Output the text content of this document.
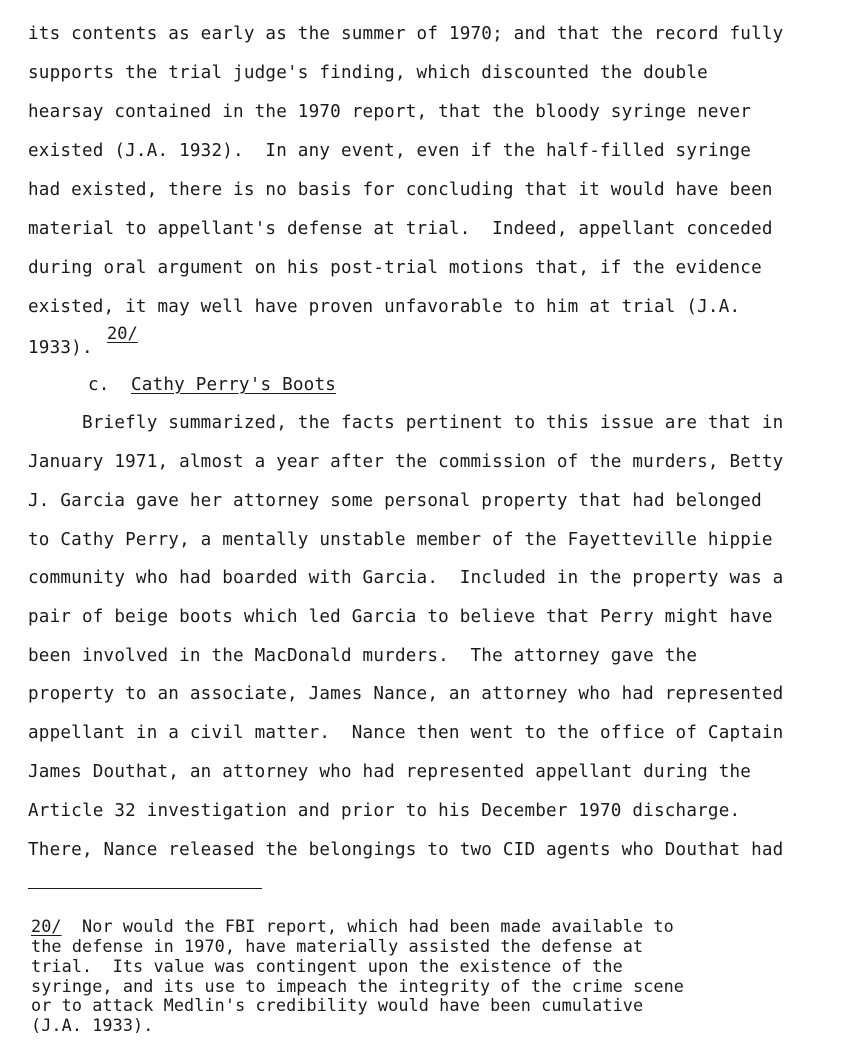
its contents as early as the summer of 1970; and that the record fully
supports the trial judge's finding, which discounted the double
hearsay contained in the 1970 report, that the bloody syringe never
existed (J.A. 1932).  In any event, even if the half-filled syringe
had existed, there is no basis for concluding that it would have been
material to appellant's defense at trial.  Indeed, appellant conceded
during oral argument on his post-trial motions that, if the evidence
existed, it may well have proven unfavorable to him at trial (J.A.
1933).
20/
c. Cathy Perry's Boots
Briefly summarized, the facts pertinent to this issue are that in
January 1971, almost a year after the commission of the murders, Betty
J. Garcia gave her attorney some personal property that had belonged
to Cathy Perry, a mentally unstable member of the Fayetteville hippie
community who had boarded with Garcia.  Included in the property was a
pair of beige boots which led Garcia to believe that Perry might have
been involved in the MacDonald murders.  The attorney gave the
property to an associate, James Nance, an attorney who had represented
appellant in a civil matter.  Nance then went to the office of Captain
James Douthat, an attorney who had represented appellant during the
Article 32 investigation and prior to his December 1970 discharge.
There, Nance released the belongings to two CID agents who Douthat had
20/  Nor would the FBI report, which had been made available to
the defense in 1970, have materially assisted the defense at
trial.  Its value was contingent upon the existence of the
syringe, and its use to impeach the integrity of the crime scene
or to attack Medlin's credibility would have been cumulative
(J.A. 1933).
